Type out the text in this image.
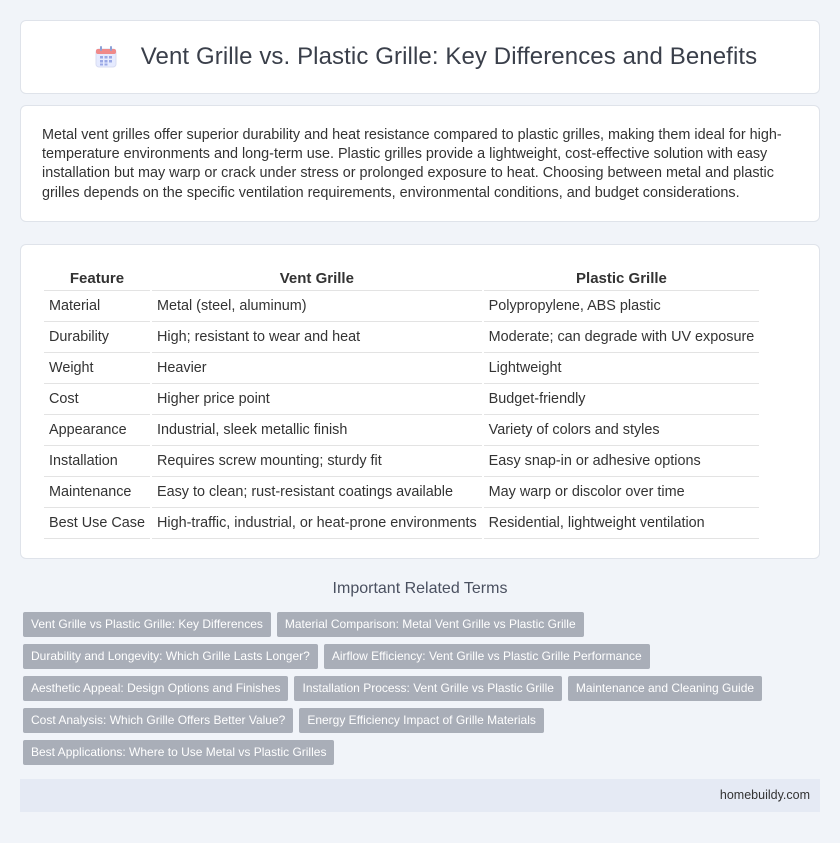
Vent Grille vs. Plastic Grille: Key Differences and Benefits

Metal vent grilles offer superior durability and heat resistance compared to plastic grilles, making them ideal for high-temperature environments and long-term use. Plastic grilles provide a lightweight, cost-effective solution with easy installation but may warp or crack under stress or prolonged exposure to heat. Choosing between metal and plastic grilles depends on the specific ventilation requirements, environmental conditions, and budget considerations.

Feature	Vent Grille	Plastic Grille
Material	Metal (steel, aluminum)	Polypropylene, ABS plastic
Durability	High; resistant to wear and heat	Moderate; can degrade with UV exposure
Weight	Heavier	Lightweight
Cost	Higher price point	Budget-friendly
Appearance	Industrial, sleek metallic finish	Variety of colors and styles
Installation	Requires screw mounting; sturdy fit	Easy snap-in or adhesive options
Maintenance	Easy to clean; rust-resistant coatings available	May warp or discolor over time
Best Use Case	High-traffic, industrial, or heat-prone environments	Residential, lightweight ventilation
Important Related Terms
Vent Grille vs Plastic Grille: Key Differences	Material Comparison: Metal Vent Grille vs Plastic Grille
Durability and Longevity: Which Grille Lasts Longer?	Airflow Efficiency: Vent Grille vs Plastic Grille Performance
Aesthetic Appeal: Design Options and Finishes	Installation Process: Vent Grille vs Plastic Grille	Maintenance and Cleaning Guide
Cost Analysis: Which Grille Offers Better Value?	Energy Efficiency Impact of Grille Materials
Best Applications: Where to Use Metal vs Plastic Grilles
homebuildy.com
